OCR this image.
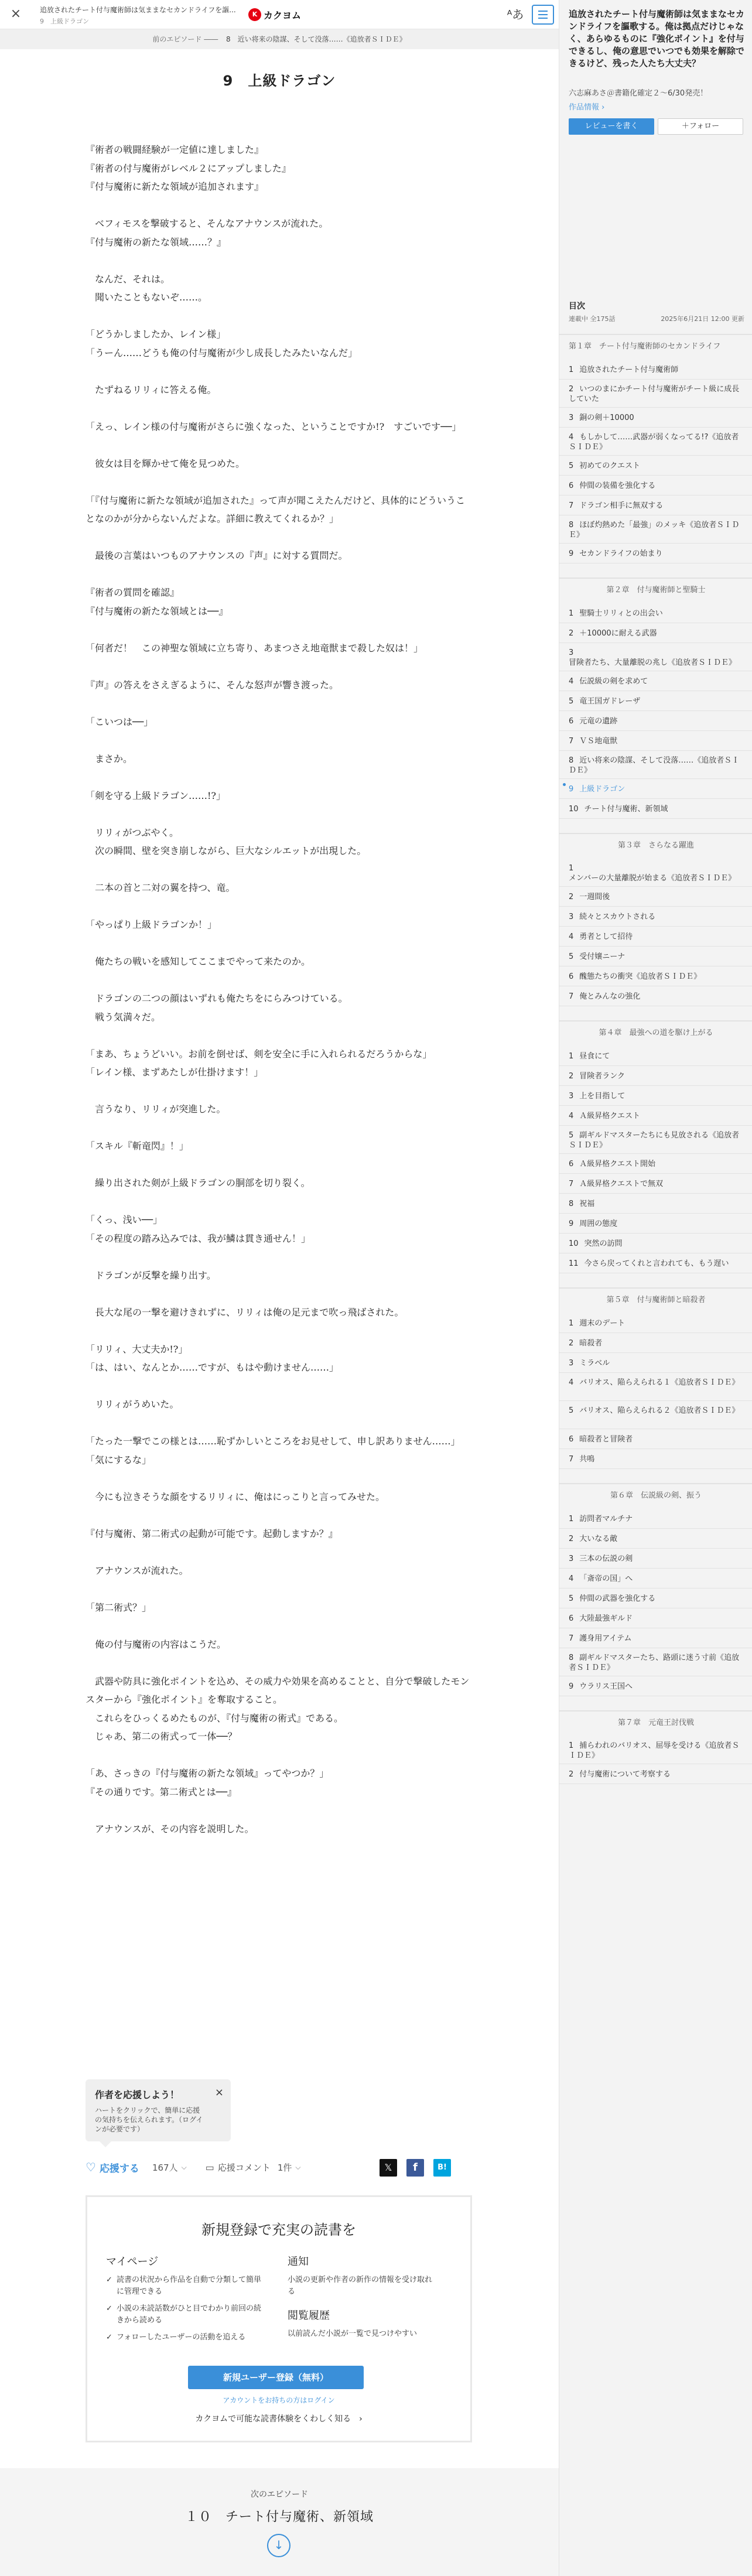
×	追放されたチート付与魔術師は気ままなセカンドライフを謳...
9　上級ドラゴン
K カクヨム	ᴬあ
前のエピソード ―― 8　近い将来の陰謀、そして没落……《追放者ＳＩＤＥ》
9　上級ドラゴン

『術者の戦闘経験が一定値に達しました』

『術者の付与魔術がレベル２にアップしました』

『付与魔術に新たな領域が追加されます』

　ベフィモスを撃破すると、そんなアナウンスが流れた。

『付与魔術の新たな領域……？』

　なんだ、それは。

　聞いたこともないぞ……。

「どうかしましたか、レイン様」

「うーん……どうも俺の付与魔術が少し成長したみたいなんだ」

　たずねるリリィに答える俺。

「えっ、レイン様の付与魔術がさらに強くなった、ということですか!?　すごいです──」

　彼女は目を輝かせて俺を見つめた。

「『付与魔術に新たな領域が追加された』って声が聞こえたんだけど、具体的にどういうことなのかが分からないんだよな。詳細に教えてくれるか？」

　最後の言葉はいつものアナウンスの『声』に対する質問だ。

『術者の質問を確認』

『付与魔術の新たな領域とは──』

「何者だ！　この神聖な領域に立ち寄り、あまつさえ地竜獣まで殺した奴は！」

『声』の答えをさえぎるように、そんな怒声が響き渡った。

「こいつは──」

　まさか。

「剣を守る上級ドラゴン……!?」

　リリィがつぶやく。

　次の瞬間、壁を突き崩しながら、巨大なシルエットが出現した。

　二本の首と二対の翼を持つ、竜。

「やっぱり上級ドラゴンか！」

　俺たちの戦いを感知してここまでやって来たのか。

　ドラゴンの二つの顔はいずれも俺たちをにらみつけている。

　戦う気満々だ。

「まあ、ちょうどいい。お前を倒せば、剣を安全に手に入れられるだろうからな」

「レイン様、まずあたしが仕掛けます！」

　言うなり、リリィが突進した。

「スキル『斬竜閃』！」

　繰り出された剣が上級ドラゴンの胴部を切り裂く。

「くっ、浅い──」

「その程度の踏み込みでは、我が鱗は貫き通せん！」

　ドラゴンが反撃を繰り出す。

　長大な尾の一撃を避けきれずに、リリィは俺の足元まで吹っ飛ばされた。

「リリィ、大丈夫か!?」

「は、はい、なんとか……ですが、もはや動けません……」

　リリィがうめいた。

「たった一撃でこの様とは……恥ずかしいところをお見せして、申し訳ありません……」

「気にするな」

　今にも泣きそうな顔をするリリィに、俺はにっこりと言ってみせた。

『付与魔術、第二術式の起動が可能です。起動しますか？』

　アナウンスが流れた。

「第二術式？」

　俺の付与魔術の内容はこうだ。

　武器や防具に強化ポイントを込め、その威力や効果を高めることと、自分で撃破したモンスターから『強化ポイント』を奪取すること。

　これらをひっくるめたものが、『付与魔術の術式』である。

　じゃあ、第二の術式って一体──？

「あ、さっきの『付与魔術の新たな領域』ってやつか？」

『その通りです。第二術式とは──』

　アナウンスが、その内容を説明した。

作者を応援しよう！
ハートをクリックで、簡単に応援の気持ちを伝えられます。（ログインが必要です）
×
♡ 応援する 167人 ⌵ ▭ 応援コメント 1件 ⌵	𝕏	f	B!
新規登録で充実の読書を
マイページ
✓ 読書の状況から作品を自動で分類して簡単に管理できる
✓ 小説の未読話数がひと目でわかり前回の続きから読める
✓ フォローしたユーザーの活動を追える
通知

小説の更新や作者の新作の情報を受け取れる

閲覧履歴

以前読んだ小説が一覧で見つけやすい

新規ユーザー登録（無料）
アカウントをお持ちの方はログイン
カクヨムで可能な読書体験をくわしく知る　›
次のエピソード
１０　チート付与魔術、新領域
↓
追放されたチート付与魔術師は気ままなセカンドライフを謳歌する。俺は拠点だけじゃなく、あらゆるものに『強化ポイント』を付与できるし、俺の意思でいつでも効果を解除できるけど、残った人たち大丈夫？
六志麻あさ＠書籍化確定２〜6/30発売！
作品情報 ›
レビューを書く	＋フォロー
目次
連載中 全175話	2025年6月21日 12:00 更新
第１章　チート付与魔術師のセカンドライフ
1 追放されたチート付与魔術師
2 いつのまにかチート付与魔術がチート級に成長していた
3 銅の剣＋10000
4 もしかして……武器が弱くなってる!?《追放者ＳＩＤＥ》
5 初めてのクエスト
6 仲間の装備を強化する
7 ドラゴン相手に無双する
8 ほぼ灼熱めた「最強」のメッキ《追放者ＳＩＤＥ》
9 セカンドライフの始まり
第２章　付与魔術師と聖騎士
1 聖騎士リリィとの出会い
2 ＋10000に耐える武器
3冒険者たち、大量離脱の兆し《追放者ＳＩＤＥ》
4 伝説級の剣を求めて
5 竜王国ガドレーザ
6 元竜の遺跡
7 ＶＳ地竜獣
8 近い将来の陰謀、そして没落……《追放者ＳＩＤＥ》
9 上級ドラゴン
10 チート付与魔術、新領域
第３章　さらなる躍進
1メンバーの大量離脱が始まる《追放者ＳＩＤＥ》
2 一週間後
3 続々とスカウトされる
4 勇者として招待
5 受付嬢ニーナ
6 醜態たちの衝突《追放者ＳＩＤＥ》
7 俺とみんなの強化
第４章　最強への道を駆け上がる
1 昼食にて
2 冒険者ランク
3 上を目指して
4 Ａ級昇格クエスト
5 副ギルドマスターたちにも見放される《追放者ＳＩＤＥ》
6 Ａ級昇格クエスト開始
7 Ａ級昇格クエストで無双
8 祝福
9 周囲の態度
10 突然の訪問
11 今さら戻ってくれと言われても、もう遅い
第５章　付与魔術師と暗殺者
1 週末のデート
2 暗殺者
3 ミラベル
4 バリオス、陥らえられる１《追放者ＳＩＤＥ》
5 バリオス、陥らえられる２《追放者ＳＩＤＥ》
6 暗殺者と冒険者
7 共鳴
第６章　伝説級の剣、振う
1 訪問者マルチナ
2 大いなる敵
3 三本の伝説の剣
4 「斎帝の国」へ
5 仲間の武器を強化する
6 大陸最強ギルド
7 護身用アイテム
8 副ギルドマスターたち、路頭に迷う寸前《追放者ＳＩＤＥ》
9 ウラリス王国へ
第７章　元竜王討伐戦
1 捕らわれのバリオス、屈辱を受ける《追放者ＳＩＤＥ》
2 付与魔術について考察する
